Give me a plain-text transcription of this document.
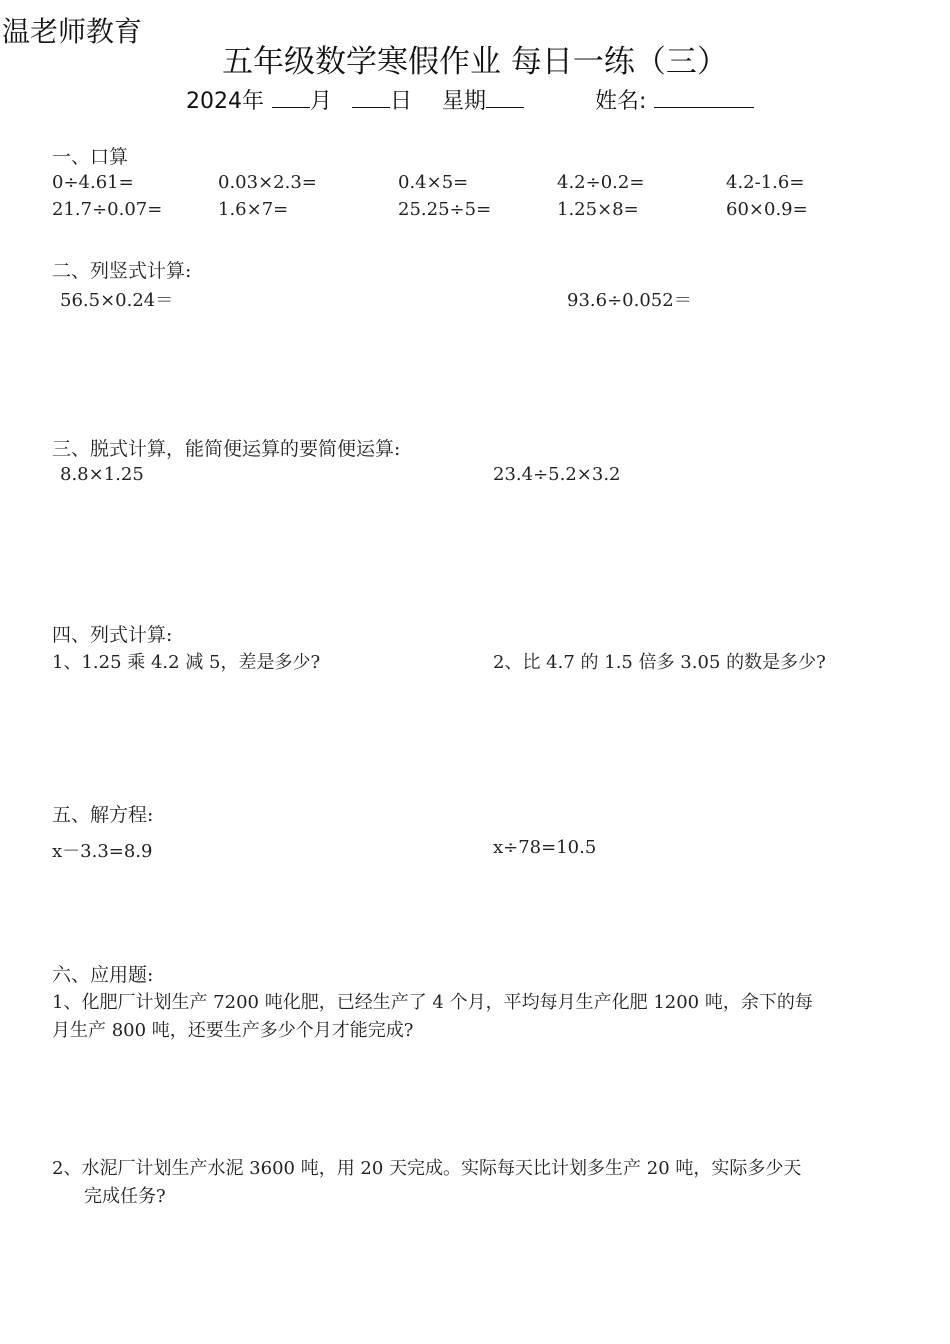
温老师教育
五年级数学寒假作业 每日一练（三）
2024年	月	日 星期	姓名:
一、口算
0÷4.61=	0.03×2.3=	0.4×5=	4.2÷0.2=	4.2-1.6=
21.7÷0.07=	1.6×7=	25.25÷5=	1.25×8=	60×0.9=
二、列竖式计算:
56.5×0.24＝	93.6÷0.052＝
三、脱式计算，能简便运算的要简便运算:
8.8×1.25	23.4÷5.2×3.2
四、列式计算:
1、1.25 乘 4.2 减 5，差是多少?	2、比 4.7 的 1.5 倍多 3.05 的数是多少?
五、解方程:
x－3.3=8.9	x÷78=10.5
六、应用题:
1、化肥厂计划生产 7200 吨化肥，已经生产了 4 个月，平均每月生产化肥 1200 吨，余下的每
月生产 800 吨，还要生产多少个月才能完成?
2、水泥厂计划生产水泥 3600 吨，用 20 天完成。实际每天比计划多生产 20 吨，实际多少天
完成任务?
